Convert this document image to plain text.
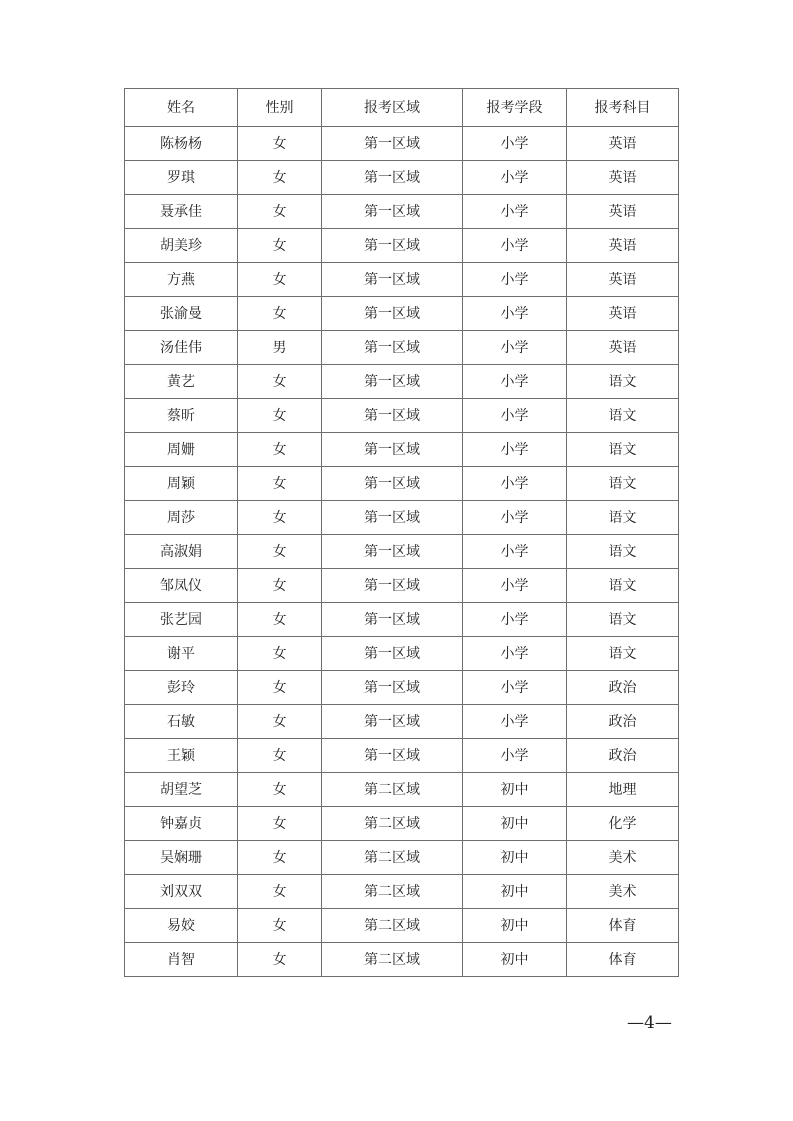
姓名	性别	报考区域	报考学段	报考科目
陈杨杨	女	第一区域	小学	英语
罗琪	女	第一区域	小学	英语
聂承佳	女	第一区域	小学	英语
胡美珍	女	第一区域	小学	英语
方燕	女	第一区域	小学	英语
张渝曼	女	第一区域	小学	英语
汤佳伟	男	第一区域	小学	英语
黄艺	女	第一区域	小学	语文
蔡昕	女	第一区域	小学	语文
周姗	女	第一区域	小学	语文
周颖	女	第一区域	小学	语文
周莎	女	第一区域	小学	语文
高淑娟	女	第一区域	小学	语文
邹凤仪	女	第一区域	小学	语文
张艺园	女	第一区域	小学	语文
谢平	女	第一区域	小学	语文
彭玲	女	第一区域	小学	政治
石敏	女	第一区域	小学	政治
王颖	女	第一区域	小学	政治
胡望芝	女	第二区域	初中	地理
钟嘉贞	女	第二区域	初中	化学
吴娴珊	女	第二区域	初中	美术
刘双双	女	第二区域	初中	美术
易姣	女	第二区域	初中	体育
肖智	女	第二区域	初中	体育
—4—
